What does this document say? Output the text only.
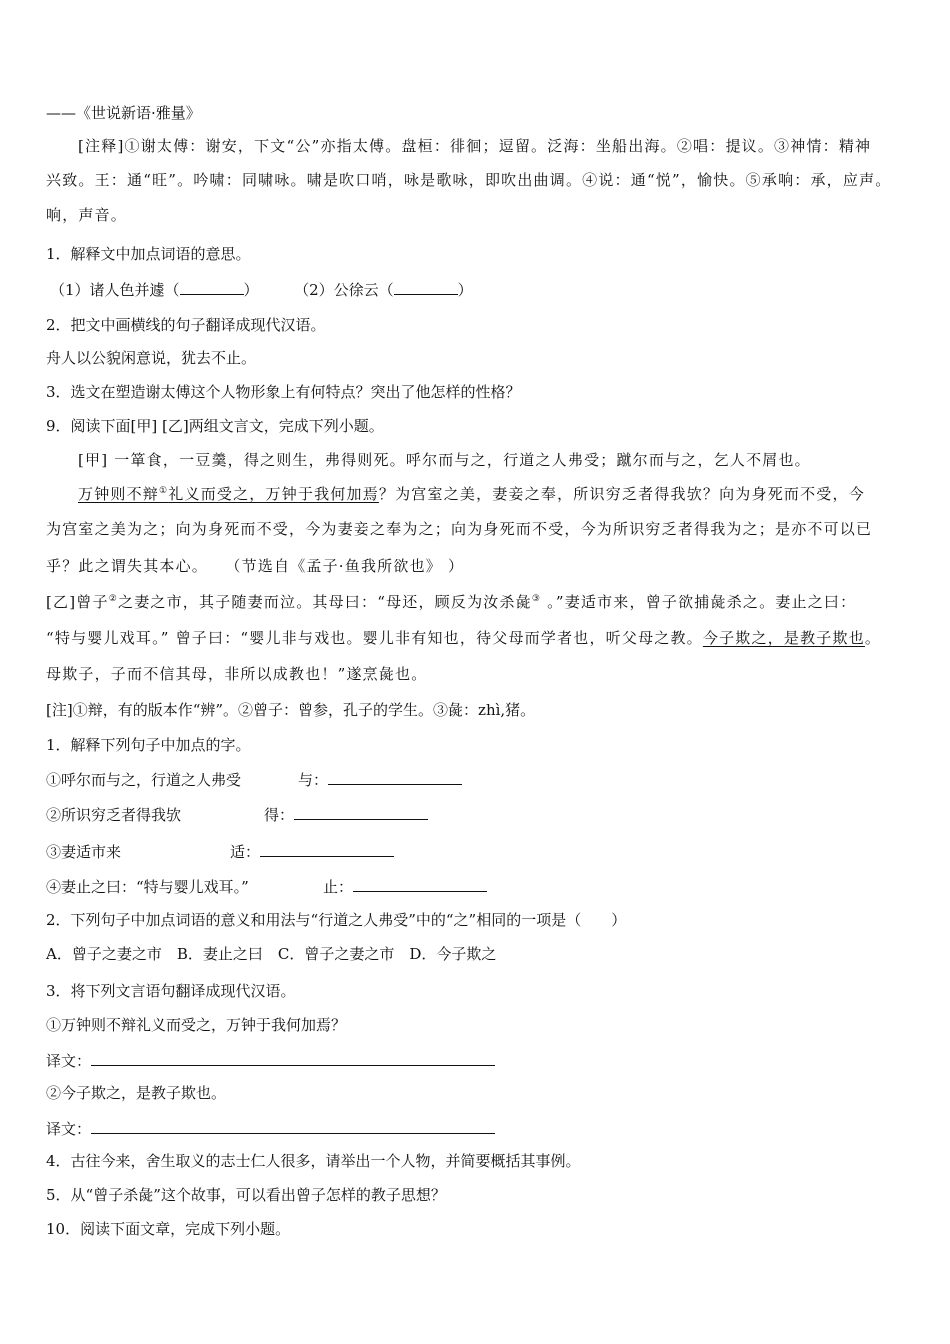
——《世说新语·雅量》
[注释]①谢太傅：谢安，下文“公”亦指太傅。盘桓：徘徊；逗留。泛海：坐船出海。②唱：提议。③神情：精神
兴致。王：通“旺”。吟啸：同啸咏。啸是吹口哨，咏是歌咏，即吹出曲调。④说：通“悦”，愉快。⑤承响：承，应声。
响，声音。
1．解释文中加点词语的意思。
（1）诸人色并遽（	） （2）公徐云（	）
2．把文中画横线的句子翻译成现代汉语。
舟人以公貌闲意说，犹去不止。
3．选文在塑造谢太傅这个人物形象上有何特点？突出了他怎样的性格？
9．阅读下面[甲] [乙]两组文言文，完成下列小题。
[甲] 一箪食，一豆羹，得之则生，弗得则死。呼尔而与之，行道之人弗受；蹴尔而与之，乞人不屑也。
万钟则不辩①礼义而受之，万钟于我何加焉？为宫室之美，妻妾之奉，所识穷乏者得我欤？向为身死而不受，今
为宫室之美为之；向为身死而不受，今为妻妾之奉为之；向为身死而不受，今为所识穷乏者得我为之；是亦不可以已
乎？此之谓失其本心。　　（节选自《孟子·鱼我所欲也》 ）
[乙]曾子②之妻之市，其子随妻而泣。其母曰：“母还，顾反为汝杀彘③ 。”妻适市来，曾子欲捕彘杀之。妻止之曰：
“特与婴儿戏耳。” 曾子曰：“婴儿非与戏也。婴儿非有知也，待父母而学者也，听父母之教。今子欺之，是教子欺也。
母欺子，子而不信其母，非所以成教也！”遂烹彘也。
[注]①辩，有的版本作“辨”。②曾子：曾参，孔子的学生。③彘：zhì,猪。
1．解释下列句子中加点的字。
①呼尔而与之，行道之人弗受	与：
②所识穷乏者得我欤	得：
③妻适市来	适：
④妻止之曰：“特与婴儿戏耳。”	止：
2．下列句子中加点词语的意义和用法与“行道之人弗受”中的“之”相同的一项是（　　）
A．曾子之妻之市　B．妻止之曰　C．曾子之妻之市　D．今子欺之
3．将下列文言语句翻译成现代汉语。
①万钟则不辩礼义而受之，万钟于我何加焉？
译文：
②今子欺之，是教子欺也。
译文：
4．古往今来，舍生取义的志士仁人很多，请举出一个人物，并简要概括其事例。
5．从“曾子杀彘”这个故事，可以看出曾子怎样的教子思想？
10．阅读下面文章，完成下列小题。
